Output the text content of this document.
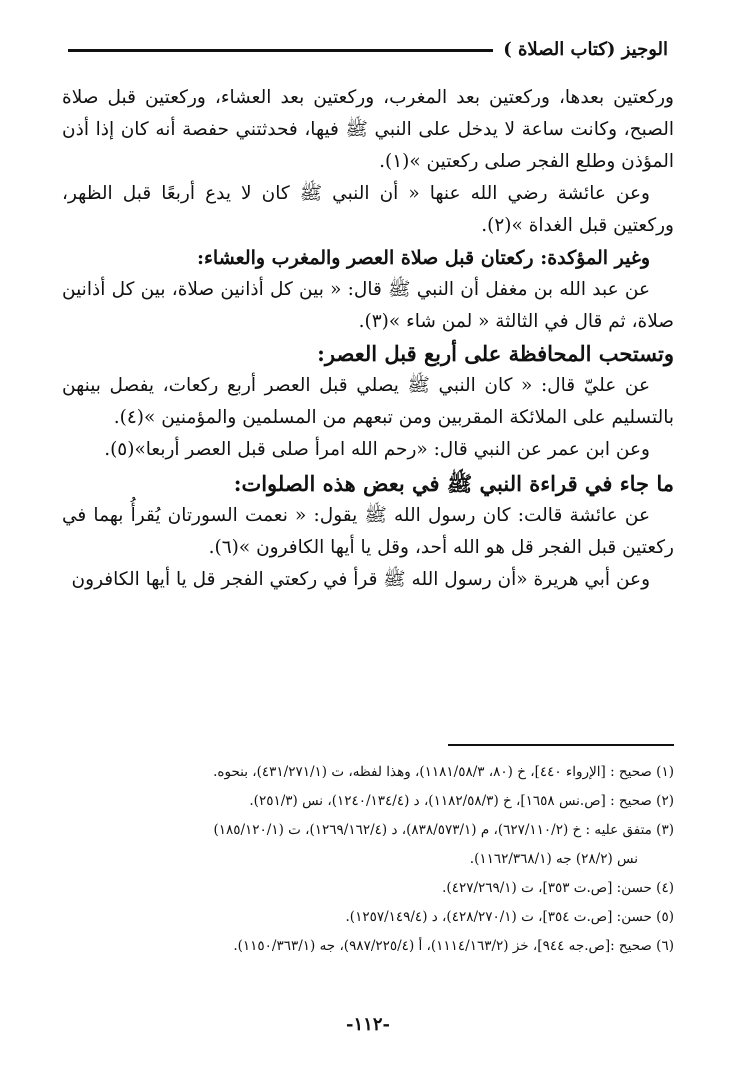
الوجيز (كتاب الصلاة )

وركعتين بعدها، وركعتين بعد المغرب، وركعتين بعد العشاء، وركعتين قبل صلاة الصبح، وكانت ساعة لا يدخل على النبي ﷺ فيها، فحدثتني حفصة أنه كان إذا أذن المؤذن وطلع الفجر صلى ركعتين »(١).

وعن عائشة رضي الله عنها « أن النبي ﷺ كان لا يدع أربعًا قبل الظهر، وركعتين قبل الغداة »(٢).

وغير المؤكدة: ركعتان قبل صلاة العصر والمغرب والعشاء:

عن عبد الله بن مغفل أن النبي ﷺ قال: « بين كل أذانين صلاة، بين كل أذانين صلاة، ثم قال في الثالثة « لمن شاء »(٣).

وتستحب المحافظة على أربع قبل العصر:

عن عليّ قال: « كان النبي ﷺ يصلي قبل العصر أربع ركعات، يفصل بينهن بالتسليم على الملائكة المقربين ومن تبعهم من المسلمين والمؤمنين »(٤).

وعن ابن عمر عن النبي قال: «رحم الله امرأ صلى قبل العصر أربعا»(٥).

ما جاء في قراءة النبي ﷺ في بعض هذه الصلوات:

عن عائشة قالت: كان رسول الله ﷺ يقول: « نعمت السورتان يُقرأُ بهما في ركعتين قبل الفجر قل هو الله أحد، وقل يا أيها الكافرون »(٦).

وعن أبي هريرة «أن رسول الله ﷺ قرأ في ركعتي الفجر قل يا أيها الكافرون

(١) صحيح : [الإرواء ٤٤٠]، خ (٨٠، ١١٨١/٥٨/٣)، وهذا لفظه، ت (٤٣١/٢٧١/١)، بنحوه.

(٢) صحيح : [ص.نس ١٦٥٨]، خ (١١٨٢/٥٨/٣)، د (١٢٤٠/١٣٤/٤)، نس (٢٥١/٣).

(٣) متفق عليه : خ (٦٢٧/١١٠/٢)، م (٨٣٨/٥٧٣/١)، د (١٢٦٩/١٦٢/٤)، ت (١٨٥/١٢٠/١)

نس (٢٨/٢) جه (١١٦٢/٣٦٨/١).

(٤) حسن: [ص.ت ٣٥٣]، ت (٤٢٧/٢٦٩/١).

(٥) حسن: [ص.ت ٣٥٤]، ت (٤٢٨/٢٧٠/١)، د (١٢٥٧/١٤٩/٤).

(٦) صحيح :[ص.جه ٩٤٤]، خز (١١١٤/١٦٣/٢)، أ (٩٨٧/٢٢٥/٤)، جه (١١٥٠/٣٦٣/١).

-١١٢-
